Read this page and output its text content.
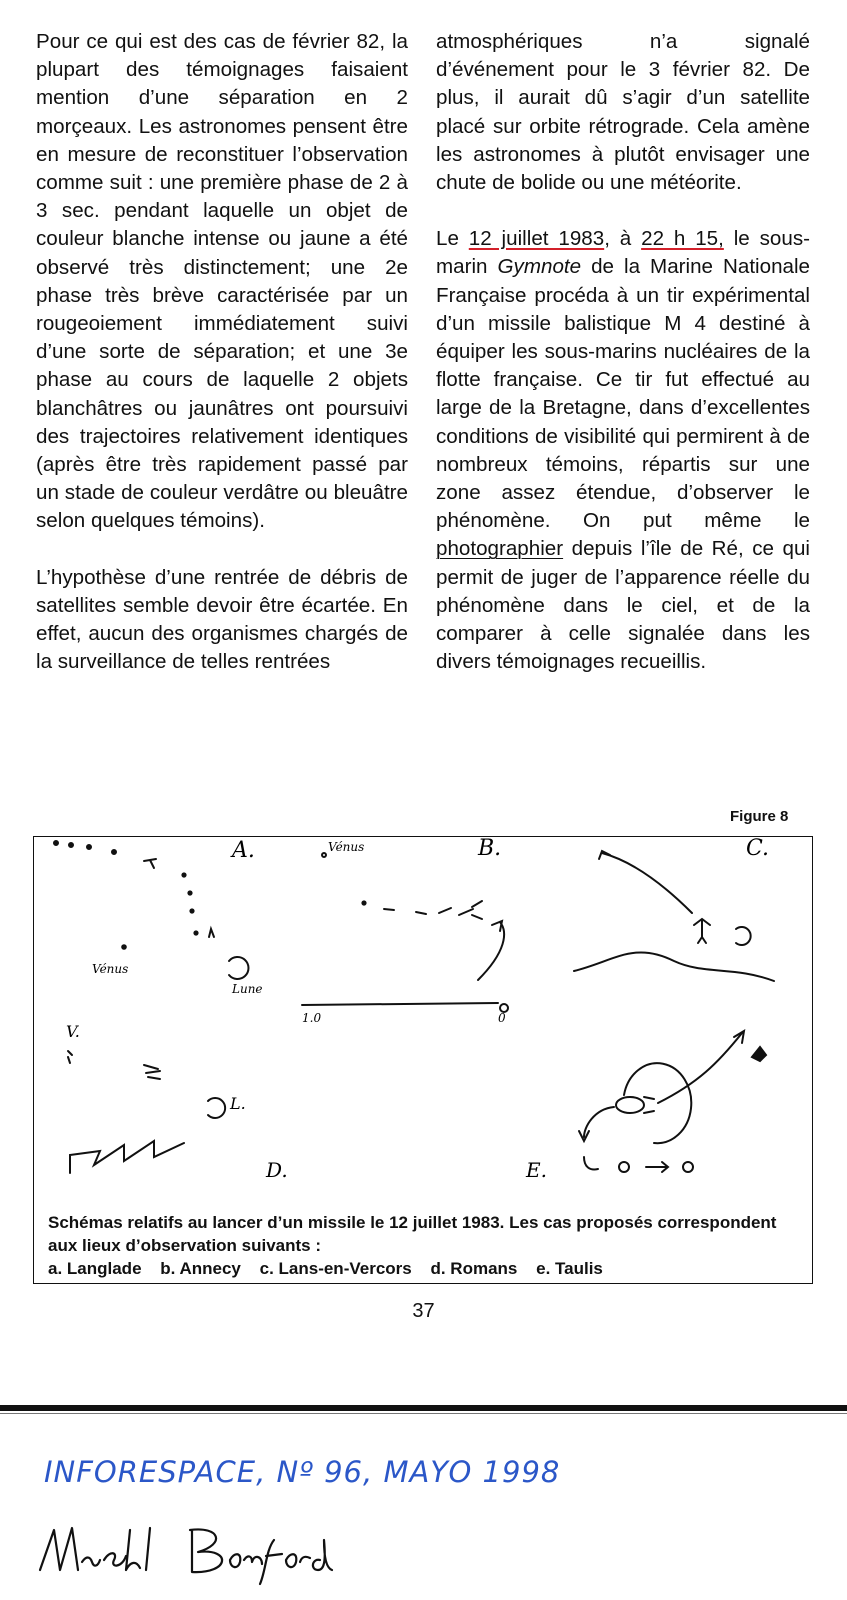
Pour ce qui est des cas de février 82, la plupart des témoignages faisaient mention d’une séparation en 2 morçeaux. Les astronomes pensent être en mesure de reconstituer l’observation comme suit : une première phase de 2 à 3 sec. pendant laquelle un objet de couleur blanche intense ou jaune a été observé très distinctement; une 2e phase très brève caractérisée par un rougeoiement immédiatement suivi d’une sorte de séparation; et une 3e phase au cours de laquelle 2 objets blanchâtres ou jaunâtres ont poursuivi des trajectoires relativement identiques (après être très rapidement passé par un stade de couleur verdâtre ou bleuâtre selon quelques témoins).

L’hypothèse d’une rentrée de débris de satellites semble devoir être écartée. En effet, aucun des organismes chargés de la surveillance de telles rentrées

atmosphériques n’a signalé d’événement pour le 3 février 82. De plus, il aurait dû s’agir d’un satellite placé sur orbite rétrograde. Cela amène les astronomes à plutôt envisager une chute de bolide ou une météorite.

Le 12 juillet 1983, à 22 h 15, le sous-marin Gymnote de la Marine Nationale Française procéda à un tir expérimental d’un missile balistique M 4 destiné à équiper les sous-marins nucléaires de la flotte française. Ce tir fut effectué au large de la Bretagne, dans d’excellentes conditions de visibilité qui permirent à de nombreux témoins, répartis sur une zone assez étendue, d’observer le phénomène. On put même le photographier depuis l’île de Ré, ce qui permit de juger de l’apparence réelle du phénomène dans le ciel, et de la comparer à celle signalée dans les divers témoignages recueillis.

Figure 8
A.	B.	C.
D.	E.
Vénus
Vénus
Lune
V.
L.
1.0	0
Schémas relatifs au lancer d’un missile le 12 juillet 1983. Les cas proposés correspondent aux lieux d’observation suivants :
a. Langlade b. Annecy c. Lans-en-Vercors d. Romans e. Taulis
37
INFORESPACE, Nº 96, MAYO 1998
